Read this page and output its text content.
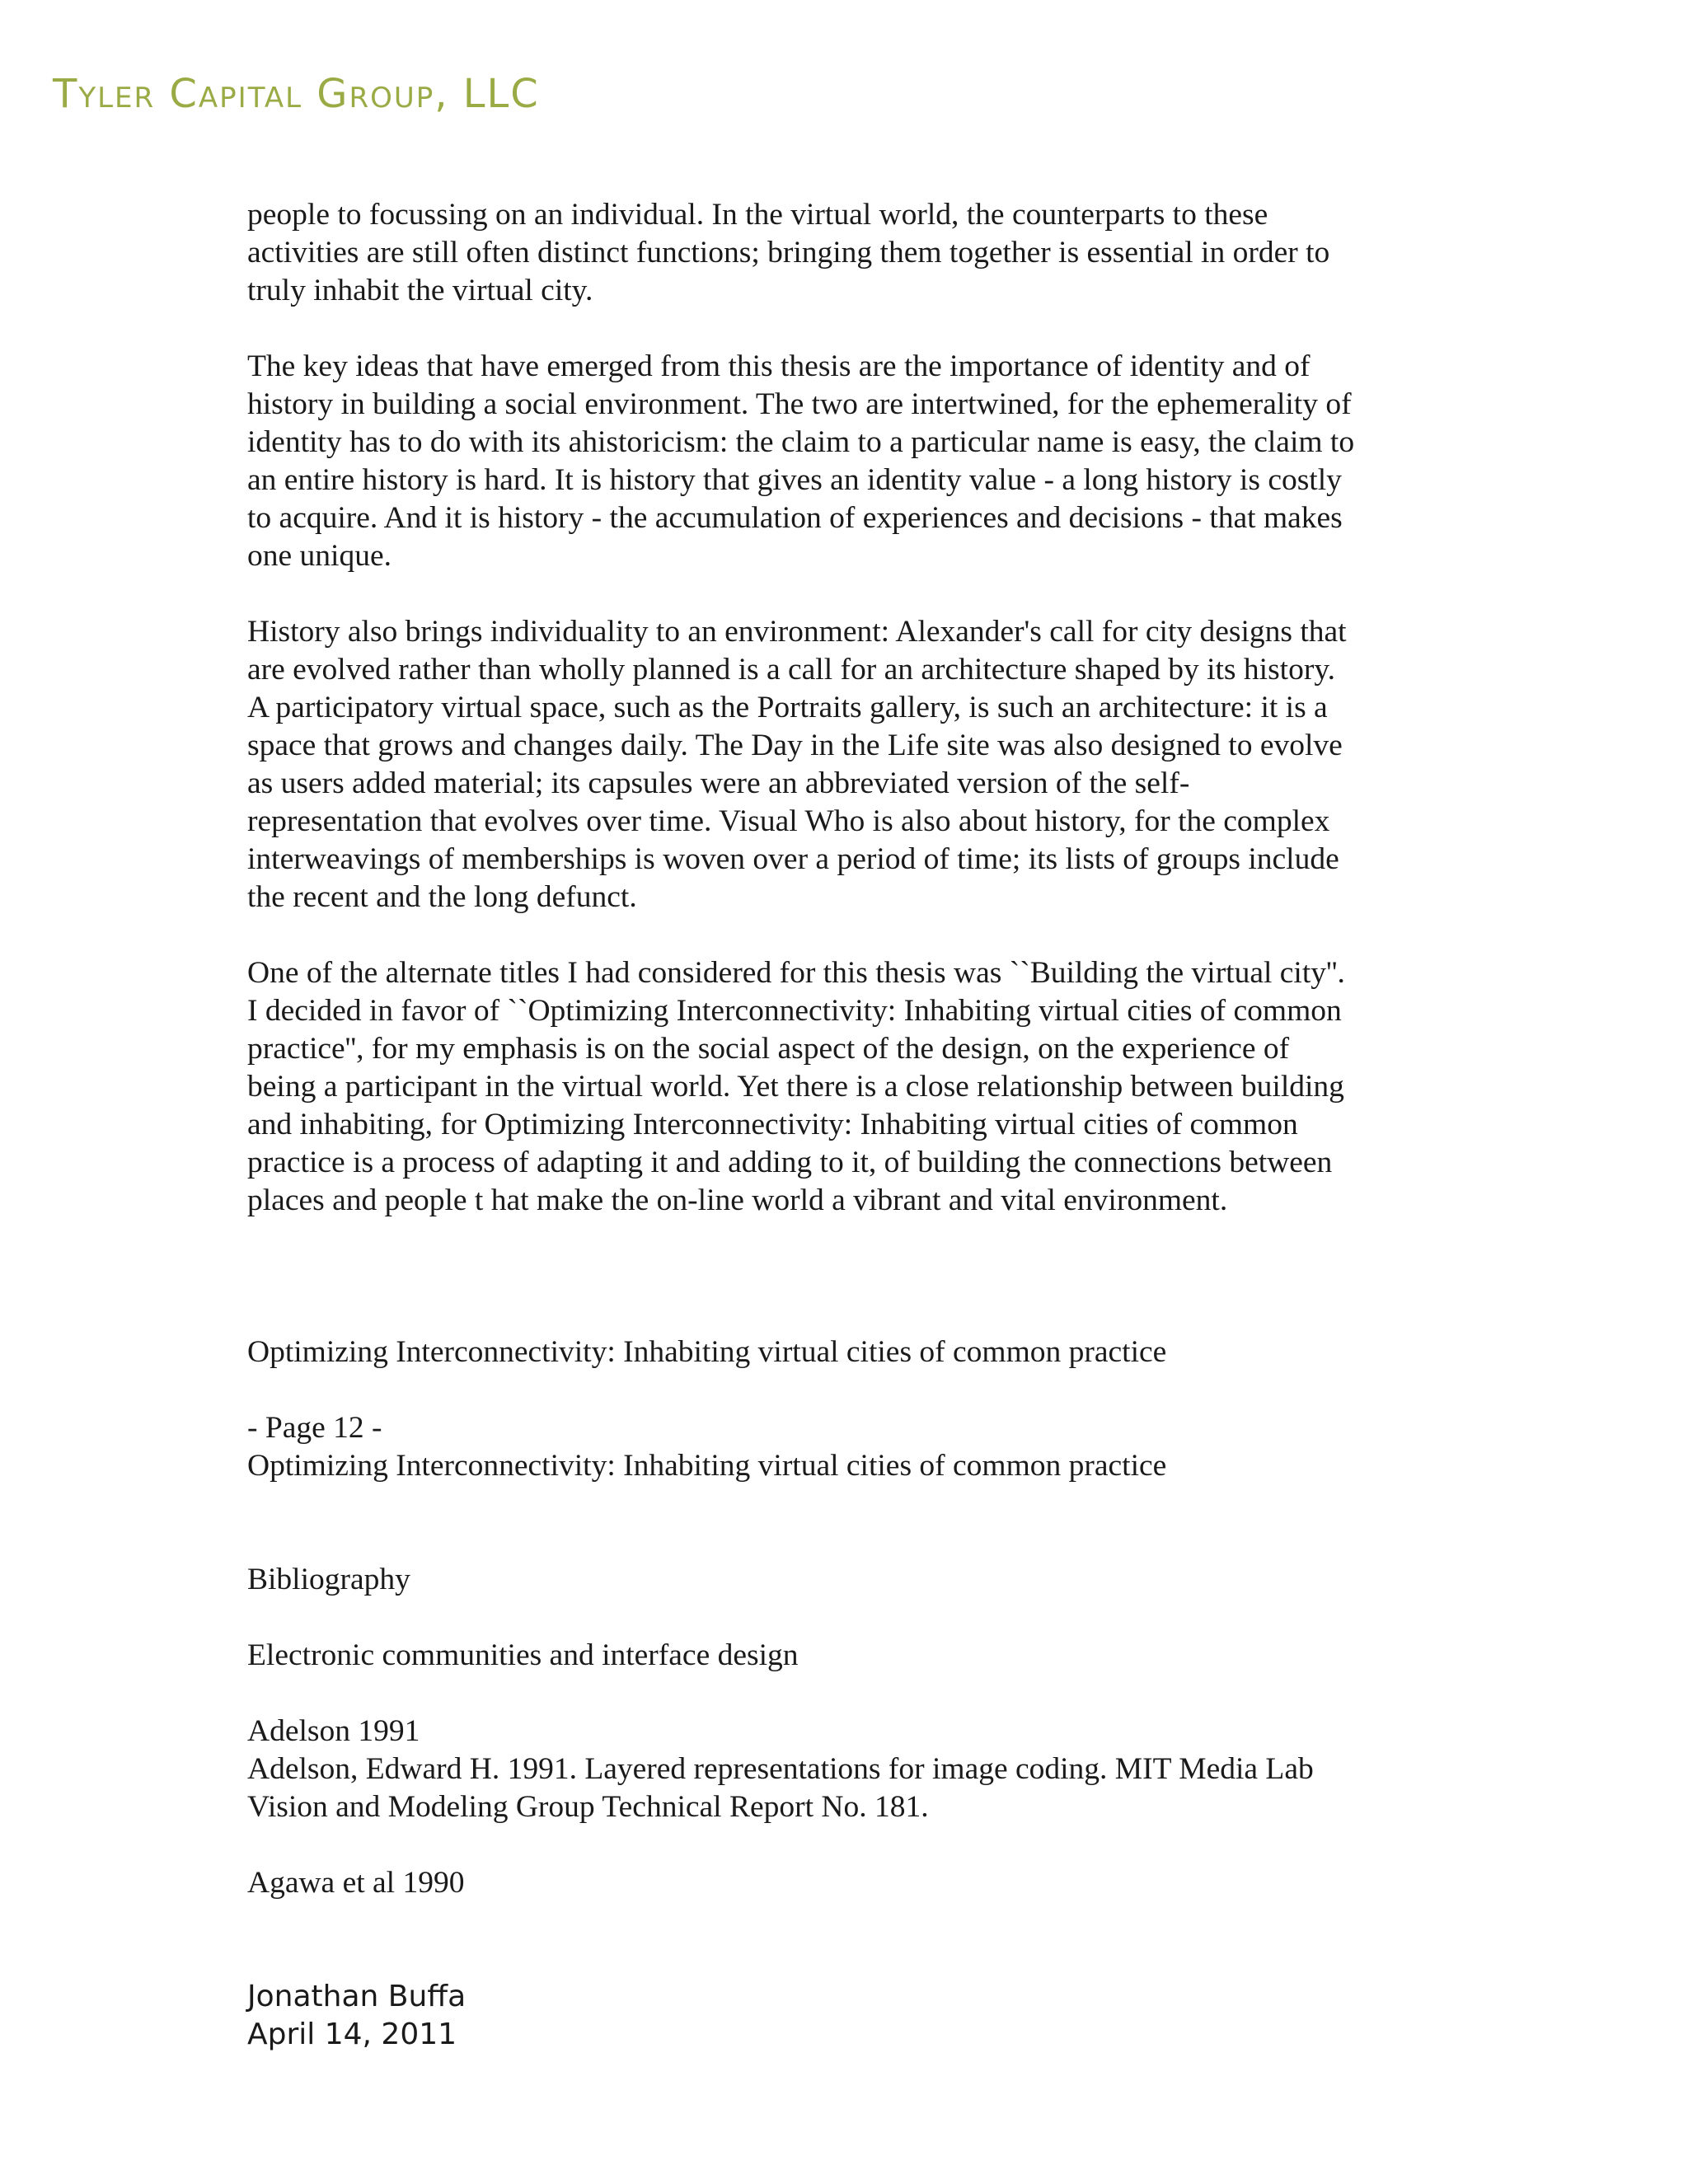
Tyler Capital Group, LLC

people to focussing on an individual. In the virtual world, the counterparts to these
activities are still often distinct functions; bringing them together is essential in order to
truly inhabit the virtual city.

The key ideas that have emerged from this thesis are the importance of identity and of
history in building a social environment. The two are intertwined, for the ephemerality of
identity has to do with its ahistoricism: the claim to a particular name is easy, the claim to
an entire history is hard. It is history that gives an identity value - a long history is costly
to acquire. And it is history - the accumulation of experiences and decisions - that makes
one unique.

History also brings individuality to an environment: Alexander's call for city designs that
are evolved rather than wholly planned is a call for an architecture shaped by its history.
A participatory virtual space, such as the Portraits gallery, is such an architecture: it is a
space that grows and changes daily. The Day in the Life site was also designed to evolve
as users added material; its capsules were an abbreviated version of the self-
representation that evolves over time. Visual Who is also about history, for the complex
interweavings of memberships is woven over a period of time; its lists of groups include
the recent and the long defunct.

One of the alternate titles I had considered for this thesis was ``Building the virtual city''.
I decided in favor of ``Optimizing Interconnectivity: Inhabiting virtual cities of common
practice'', for my emphasis is on the social aspect of the design, on the experience of
being a participant in the virtual world. Yet there is a close relationship between building
and inhabiting, for Optimizing Interconnectivity: Inhabiting virtual cities of common
practice is a process of adapting it and adding to it, of building the connections between
places and people t hat make the on-line world a vibrant and vital environment.

Optimizing Interconnectivity: Inhabiting virtual cities of common practice
- Page 12 -
Optimizing Interconnectivity: Inhabiting virtual cities of common practice
Bibliography
Electronic communities and interface design
Adelson 1991
Adelson, Edward H. 1991. Layered representations for image coding. MIT Media Lab
Vision and Modeling Group Technical Report No. 181.
Agawa et al 1990
Jonathan Buffa
April 14, 2011
